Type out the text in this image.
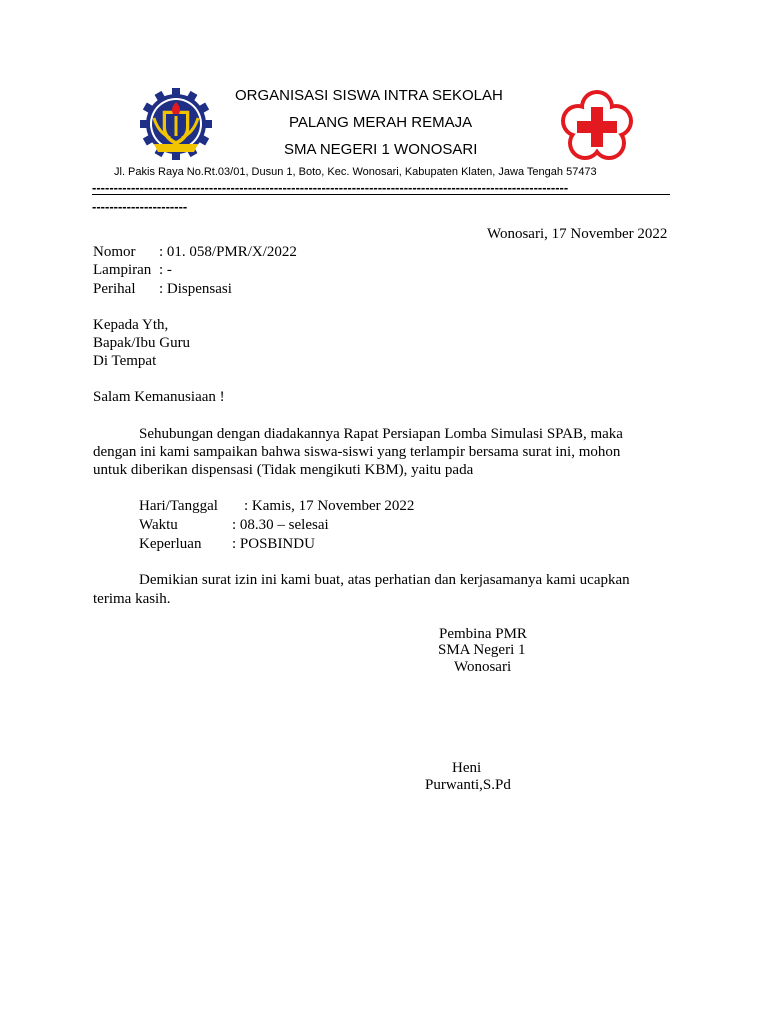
ORGANISASI SISWA INTRA SEKOLAH
PALANG MERAH REMAJA
SMA NEGERI 1 WONOSARI
Jl. Pakis Raya No.Rt.03/01, Dusun 1, Boto, Kec. Wonosari, Kabupaten Klaten, Jawa Tengah 57473
--------------------------------------------------------------------------------------------------------------
----------------------
Wonosari, 17 November 2022
Nomor : 01. 058/PMR/X/2022
Lampiran : -
Perihal : Dispensasi
Kepada Yth,
Bapak/Ibu Guru
Di Tempat
Salam Kemanusiaan !
Sehubungan dengan diadakannya Rapat Persiapan Lomba Simulasi SPAB, maka
dengan ini kami sampaikan bahwa siswa-siswi yang terlampir bersama surat ini, mohon
untuk diberikan dispensasi (Tidak mengikuti KBM), yaitu pada
Hari/Tanggal : Kamis, 17 November 2022
Waktu	: 08.30 – selesai
Keperluan : POSBINDU
Demikian surat izin ini kami buat, atas perhatian dan kerjasamanya kami ucapkan
terima kasih.
Pembina PMR
SMA Negeri 1
Wonosari
Heni
Purwanti,S.Pd
